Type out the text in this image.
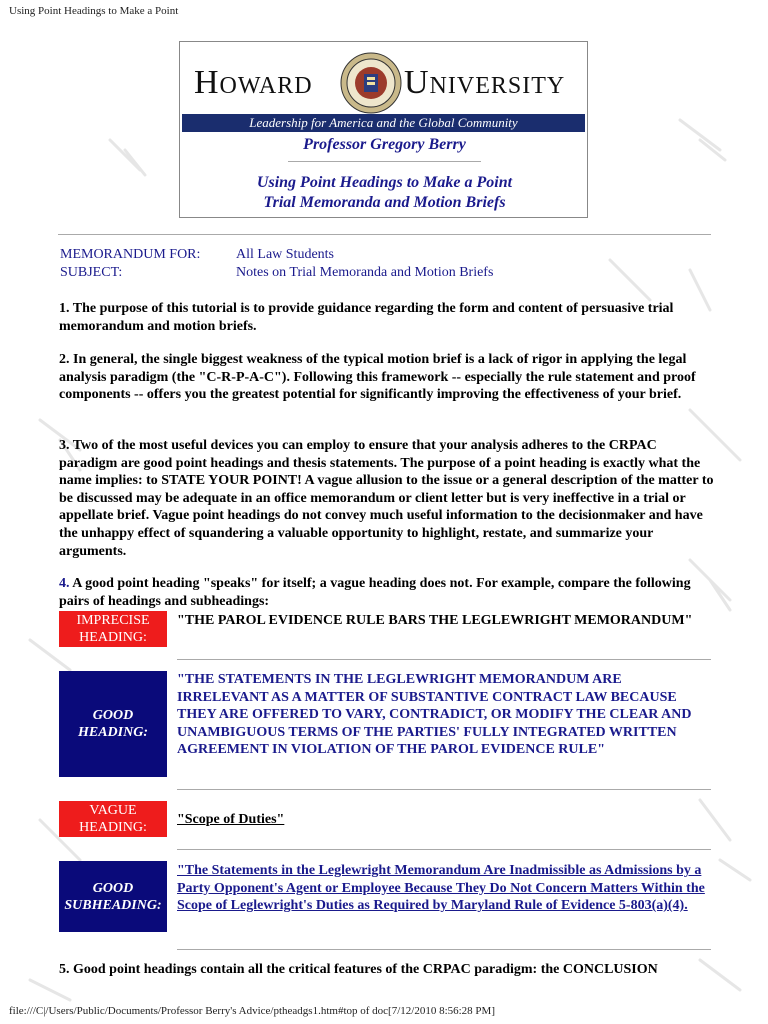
Using Point Headings to Make a Point
Howard	University
Leadership for America and the Global Community
Professor Gregory Berry
Using Point Headings to Make a Point
Trial Memoranda and Motion Briefs
MEMORANDUM FOR:	All Law Students
SUBJECT:	Notes on Trial Memoranda and Motion Briefs

1. The purpose of this tutorial is to provide guidance regarding the form and content of persuasive trial memorandum and motion briefs.

2. In general, the single biggest weakness of the typical motion brief is a lack of rigor in applying the legal analysis paradigm (the "C-R-P-A-C"). Following this framework -- especially the rule statement and proof components -- offers you the greatest potential for significantly improving the effectiveness of your brief.

3. Two of the most useful devices you can employ to ensure that your analysis adheres to the CRPAC paradigm are good point headings and thesis statements. The purpose of a point heading is exactly what the name implies: to STATE YOUR POINT! A vague allusion to the issue or a general description of the matter to be discussed may be adequate in an office memorandum or client letter but is very ineffective in a trial or appellate brief. Vague point headings do not convey much useful information to the decisionmaker and have the unhappy effect of squandering a valuable opportunity to highlight, restate, and summarize your arguments.

4. A good point heading "speaks" for itself; a vague heading does not. For example, compare the following pairs of headings and subheadings:

IMPRECISE HEADING:
"THE PAROL EVIDENCE RULE BARS THE LEGLEWRIGHT MEMORANDUM"
GOOD HEADING:
"THE STATEMENTS IN THE LEGLEWRIGHT MEMORANDUM ARE IRRELEVANT AS A MATTER OF SUBSTANTIVE CONTRACT LAW BECAUSE THEY ARE OFFERED TO VARY, CONTRADICT, OR MODIFY THE CLEAR AND UNAMBIGUOUS TERMS OF THE PARTIES' FULLY INTEGRATED WRITTEN AGREEMENT IN VIOLATION OF THE PAROL EVIDENCE RULE"
VAGUE HEADING:
"Scope of Duties"
GOOD SUBHEADING:
"The Statements in the Leglewright Memorandum Are Inadmissible as Admissions by a Party Opponent's Agent or Employee Because They Do Not Concern Matters Within the Scope of Leglewright's Duties as Required by Maryland Rule of Evidence 5-803(a)(4).

5. Good point headings contain all the critical features of the CRPAC paradigm: the CONCLUSION

file:///C|/Users/Public/Documents/Professor Berry's Advice/ptheadgs1.htm#top of doc[7/12/2010 8:56:28 PM]
